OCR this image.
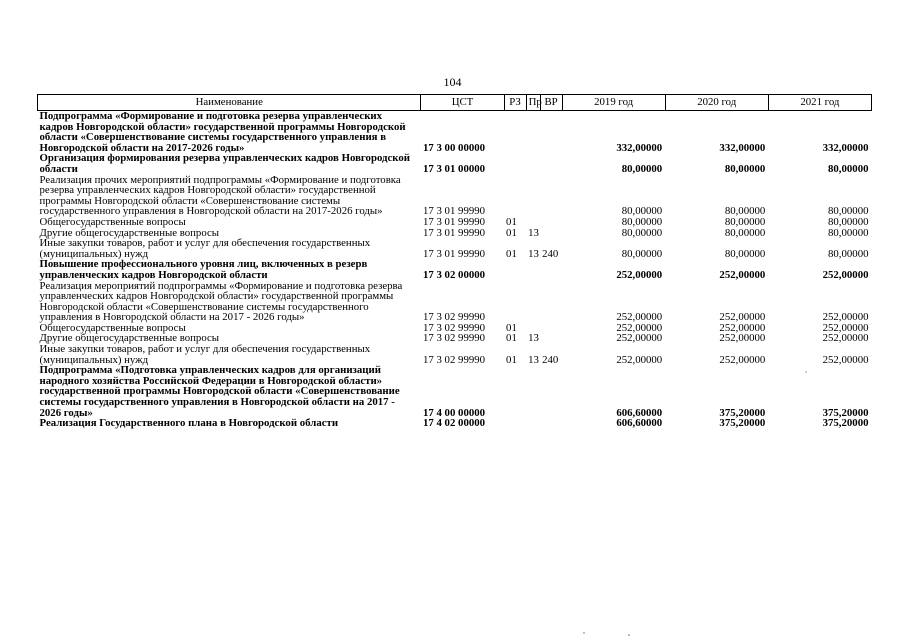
104
Наименование	ЦСТ	РЗ	Пр	ВР	2019 год	2020 год	2021 год
Подпрограмма «Формирование и подготовка резерва управленческих кадров Новгородской области» государственной программы Новгородской области «Совершенствование системы государственного управления в Новгородской области на 2017-2026 годы»	17 3 00 00000				332,00000	332,00000	332,00000
Организация формирования резерва управленческих кадров Новгородской области	17 3 01 00000				80,00000	80,00000	80,00000
Реализация прочих мероприятий подпрограммы «Формирование и подготовка резерва управленческих кадров Новгородской области» государственной программы Новгородской области «Совершенствование системы государственного управления в Новгородской области на 2017-2026 годы»	17 3 01 99990				80,00000	80,00000	80,00000
Общегосударственные вопросы	17 3 01 99990	01			80,00000	80,00000	80,00000
Другие общегосударственные вопросы	17 3 01 99990	01	13		80,00000	80,00000	80,00000
Иные закупки товаров, работ и услуг для обеспечения государственных (муниципальных) нужд	17 3 01 99990	01	13	240	80,00000	80,00000	80,00000
Повышение профессионального уровня лиц, включенных в резерв управленческих кадров Новгородской области	17 3 02 00000				252,00000	252,00000	252,00000
Реализация мероприятий подпрограммы «Формирование и подготовка резерва управленческих кадров Новгородской области» государственной программы Новгородской области «Совершенствование системы государственного управления в Новгородской области на 2017 - 2026 годы»	17 3 02 99990				252,00000	252,00000	252,00000
Общегосударственные вопросы	17 3 02 99990	01			252,00000	252,00000	252,00000
Другие общегосударственные вопросы	17 3 02 99990	01	13		252,00000	252,00000	252,00000
Иные закупки товаров, работ и услуг для обеспечения государственных (муниципальных) нужд	17 3 02 99990	01	13	240	252,00000	252,00000	252,00000
Подпрограмма «Подготовка управленческих кадров для организаций народного хозяйства Российской Федерации в Новгородской области» государственной программы Новгородской области «Совершенствование системы государственного управления в Новгородской области на 2017 - 2026 годы»	17 4 00 00000				606,60000	375,20000	375,20000
Реализация Государственного плана в Новгородской области	17 4 02 00000				606,60000	375,20000	375,20000
